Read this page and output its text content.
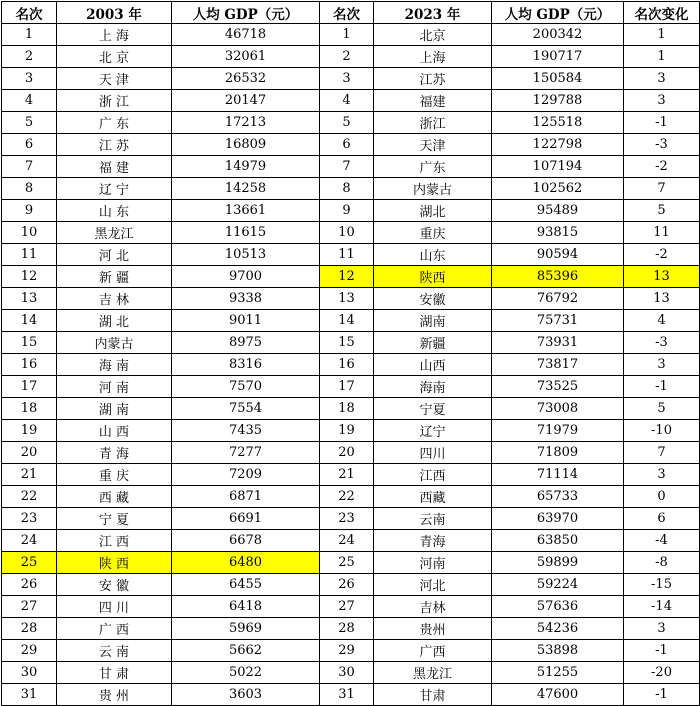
名次	2003 年	人均 GDP（元）	名次	2023 年	人均 GDP（元）	名次变化
1	上 海	46718	1	北京	200342	1
2	北 京	32061	2	上海	190717	1
3	天 津	26532	3	江苏	150584	3
4	浙 江	20147	4	福建	129788	3
5	广 东	17213	5	浙江	125518	-1
6	江 苏	16809	6	天津	122798	-3
7	福 建	14979	7	广东	107194	-2
8	辽 宁	14258	8	内蒙古	102562	7
9	山 东	13661	9	湖北	95489	5
10	黑龙江	11615	10	重庆	93815	11
11	河 北	10513	11	山东	90594	-2
12	新 疆	9700	12	陕西	85396	13
13	吉 林	9338	13	安徽	76792	13
14	湖 北	9011	14	湖南	75731	4
15	内蒙古	8975	15	新疆	73931	-3
16	海 南	8316	16	山西	73817	3
17	河 南	7570	17	海南	73525	-1
18	湖 南	7554	18	宁夏	73008	5
19	山 西	7435	19	辽宁	71979	-10
20	青 海	7277	20	四川	71809	7
21	重 庆	7209	21	江西	71114	3
22	西 藏	6871	22	西藏	65733	0
23	宁 夏	6691	23	云南	63970	6
24	江 西	6678	24	青海	63850	-4
25	陕 西	6480	25	河南	59899	-8
26	安 徽	6455	26	河北	59224	-15
27	四 川	6418	27	吉林	57636	-14
28	广 西	5969	28	贵州	54236	3
29	云 南	5662	29	广西	53898	-1
30	甘 肃	5022	30	黑龙江	51255	-20
31	贵 州	3603	31	甘肃	47600	-1
